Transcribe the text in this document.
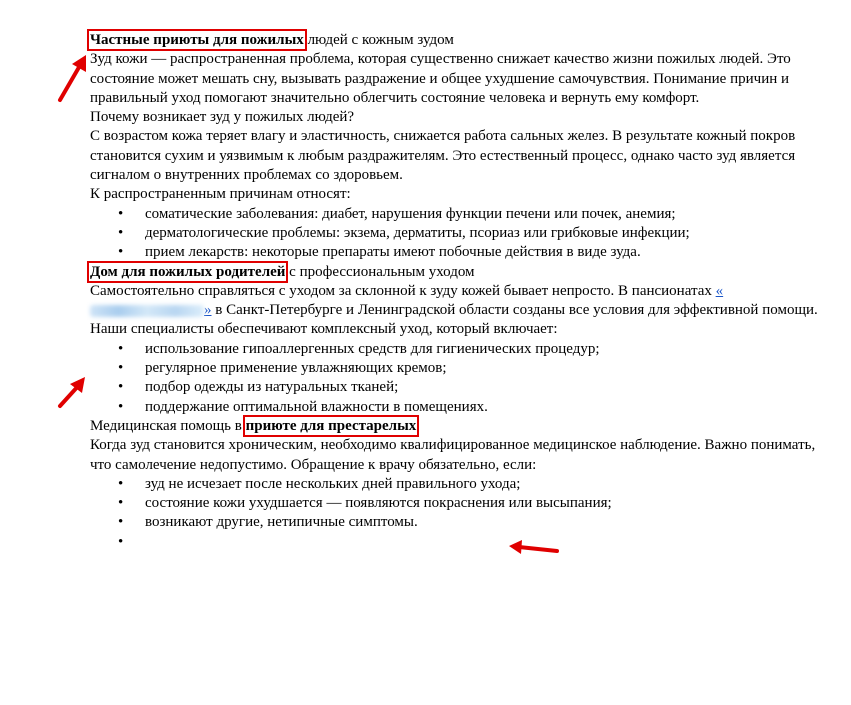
Частные приюты для пожилых людей с кожным зудом

Зуд кожи — распространенная проблема, которая существенно снижает качество жизни пожилых людей. Это состояние может мешать сну, вызывать раздражение и общее ухудшение самочувствия. Понимание причин и правильный уход помогают значительно облегчить состояние человека и вернуть ему комфорт.

Почему возникает зуд у пожилых людей?

С возрастом кожа теряет влагу и эластичность, снижается работа сальных желез. В результате кожный покров становится сухим и уязвимым к любым раздражителям. Это естественный процесс, однако часто зуд является сигналом о внутренних проблемах со здоровьем.

К распространенным причинам относят:

• соматические заболевания: диабет, нарушения функции печени или почек, анемия;
• дерматологические проблемы: экзема, дерматиты, псориаз или грибковые инфекции;
• прием лекарств: некоторые препараты имеют побочные действия в виде зуда.

Дом для пожилых родителей с профессиональным уходом

Самостоятельно справляться с уходом за склонной к зуду кожей бывает непросто. В пансионатах «» в Санкт-Петербурге и Ленинградской области созданы все условия для эффективной помощи. Наши специалисты обеспечивают комплексный уход, который включает:

• использование гипоаллергенных средств для гигиенических процедур;
• регулярное применение увлажняющих кремов;
• подбор одежды из натуральных тканей;
• поддержание оптимальной влажности в помещениях.

Медицинская помощь в приюте для престарелых

Когда зуд становится хроническим, необходимо квалифицированное медицинское наблюдение. Важно понимать, что самолечение недопустимо. Обращение к врачу обязательно, если:

• зуд не исчезает после нескольких дней правильного ухода;
• состояние кожи ухудшается — появляются покраснения или высыпания;
• возникают другие, нетипичные симптомы.
•
